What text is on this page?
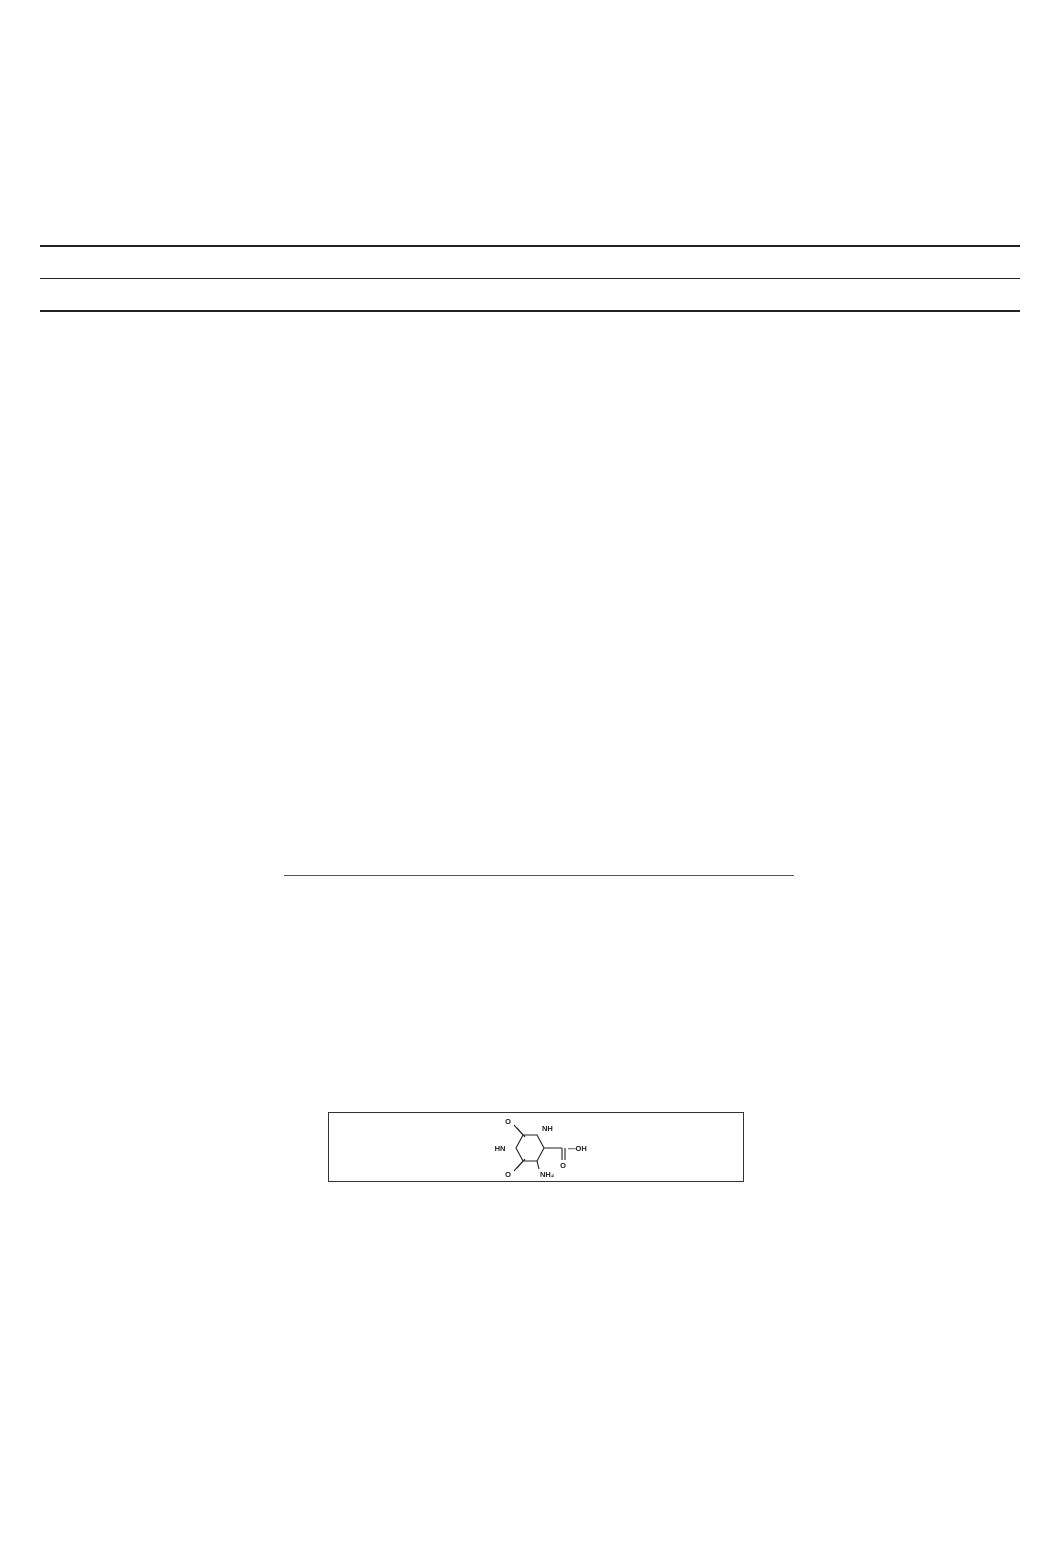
O
NH
HN
O	NH₂
—OH
O
